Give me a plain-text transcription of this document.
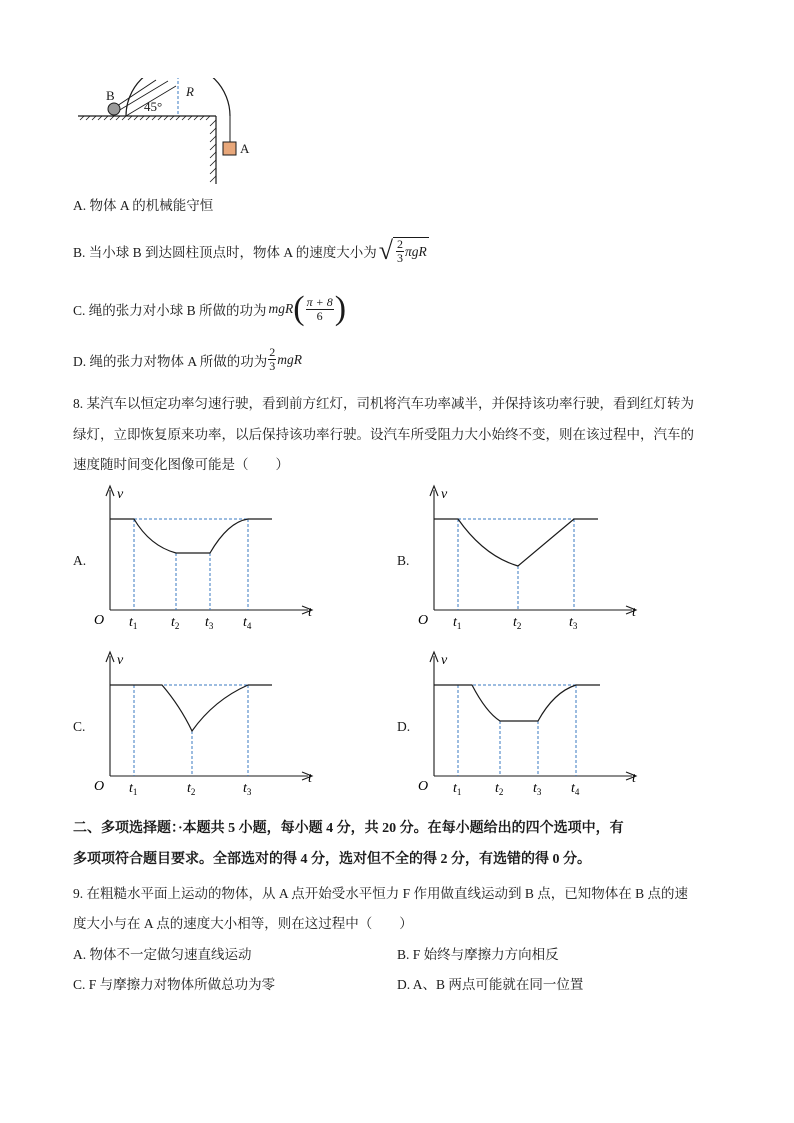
B
45°
R
A
A. 物体 A 的机械能守恒
B. 当小球 B 到达圆柱顶点时，物体 A 的速度大小为 √ $\frac{2}{3}$ πgR
C. 绳的张力对小球 B 所做的功为 mgR ( $\frac{\pi + 8}{6}$ )
D. 绳的张力对物体 A 所做的功为 $\frac{2}{3}$ mgR
8. 某汽车以恒定功率匀速行驶，看到前方红灯，司机将汽车功率减半，并保持该功率行驶，看到红灯转为
绿灯，立即恢复原来功率，以后保持该功率行驶。设汽车所受阻力大小始终不变，则在该过程中，汽车的
速度随时间变化图像可能是（　　）
A.
v
t
O $t_1$ $t_2$ $t_3$ $t_4$
B.
v
t
O $t_1$	$t_2$	$t_3$
C.
v
t
O $t_1$	$t_2$	$t_3$
D.
v
t
O $t_1$ $t_2$ $t_3$ $t_4$
二、多项选择题：·本题共 5 小题，每小题 4 分，共 20 分。在每小题给出的四个选项中，有
多项项符合题目要求。全部选对的得 4 分，选对但不全的得 2 分，有选错的得 0 分。
9. 在粗糙水平面上运动的物体，从 A 点开始受水平恒力 F 作用做直线运动到 B 点，已知物体在 B 点的速
度大小与在 A 点的速度大小相等，则在这过程中（　　）
A. 物体不一定做匀速直线运动	B. F 始终与摩擦力方向相反
C. F 与摩擦力对物体所做总功为零	D. A、B 两点可能就在同一位置
